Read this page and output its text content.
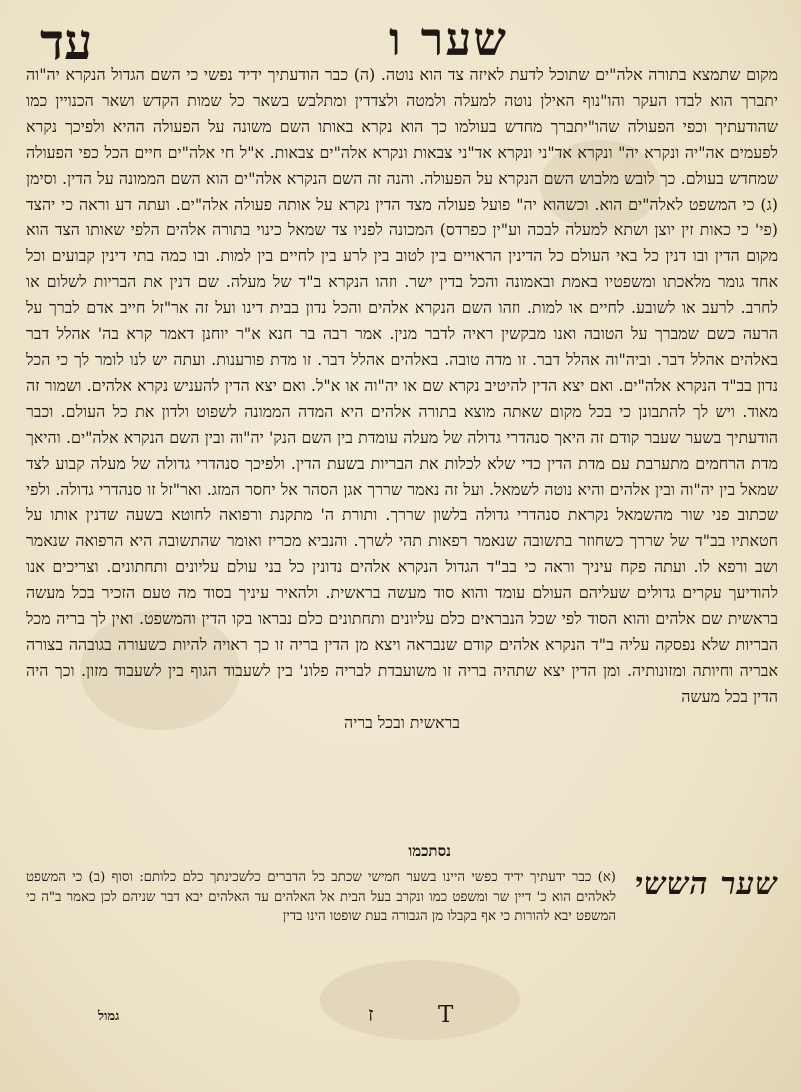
שער ו
עד

מקום שתמצא בתורה אלה"ים שתוכל לדעת לאיזה צד הוא נוטה. (ה) כבר הודעתיך ידיד נפשי כי השם הגדול הנקרא יה"וה יתברך הוא לבדו העקר והו"נוף האילן נוטה למעלה ולמטה ולצדדין ומתלבש בשאר כל שמות הקדש ושאר הכנויין כמו שהודעתיך וכפי הפעולה שהו"יתברך מחדש בעולמו כך הוא נקרא באותו השם משונה על הפעולה ההיא ולפיכך נקרא לפעמים אה"יה ונקרא יה" ונקרא אד"ני ונקרא אד"ני צבאות ונקרא אלה"ים צבאות. א"ל חי אלה"ים חיים הכל כפי הפעולה שמחדש בעולם. כך לובש מלבוש השם הנקרא על הפעולה. והנה זה השם הנקרא אלה"ים הוא השם הממונה על הדין. וסימן (ג) כי המשפט לאלה"ים הוא. וכשהוא יה" פועל פעולה מצד הדין נקרא על אותה פעולה אלה"ים. ועתה דע וראה כי יהצד (פי' כי כאות זין יוצן ושתא למעלה לבכה וע"ין כפרדס) המכונה לפניו צד שמאל כינוי בתורה אלהים הלפי שאותו הצד הוא מקום הדין ובו דנין כל באי העולם כל הדינין הראויים בין לטוב בין לרע בין לחיים בין למות. ובו כמה בתי דינין קבועים וכל אחד גומר מלאכתו ומשפטיו באמת ובאמונה והכל בדין ישר. וזהו הנקרא ב"ד של מעלה. שם דנין את הבריות לשלום או לחרב. לרעב או לשובע. לחיים או למות. וזהו השם הנקרא אלהים והכל נדון בבית דינו ועל זה אר"זל חייב אדם לברך על הרעה כשם שמברך על הטובה ואנו מבקשין ראיה לדבר מנין. אמר רבה בר חנא א"ר יוחנן דאמר קרא בה' אהלל דבר באלהים אהלל דבר. וביה"וה אהלל דבר. זו מדה טובה. באלהים אהלל דבר. זו מדת פורענות. ועתה יש לנו לומר לך כי הכל נדון בב"ד הנקרא אלה"ים. ואם יצא הדין להיטיב נקרא שם או יה"וה או א"ל. ואם יצא הדין להעניש נקרא אלהים. ושמור זה מאוד. ויש לך להתבונן כי בכל מקום שאתה מוצא בתורה אלהים היא המדה הממונה לשפוט ולדון את כל העולם. וכבר הודעתיך בשער שעבר קודם זה היאך סנהדרי גדולה של מעלה עומדת בין השם הנק' יה"וה ובין השם הנקרא אלה"ים. והיאך מדת הרחמים מתערבת עם מדת הדין כדי שלא לכלות את הבריות בשעת הדין. ולפיכך סנהדרי גדולה של מעלה קבוע לצד שמאל בין יה"וה ובין אלהים והיא נוטה לשמאל. ועל זה נאמר שררך אגן הסהר אל יחסר המזג. ואר"זל זו סנהדרי גדולה. ולפי שכתוב פני שור מהשמאל נקראת סנהדרי גדולה בלשון שררך. ותורת ה' מתקנת ורפואה לחוטא בשעה שדנין אותו על חטאתיו בב"ד של שררך כשחוזר בתשובה שנאמר רפאות תהי לשרך. והנביא מכריז ואומר שהתשובה היא הרפואה שנאמר ושב ורפא לו. ועתה פקח עיניך וראה כי בב"ד הגדול הנקרא אלהים נדונין כל בני עולם עליונים ותחתונים. וצריכים אנו להודיעך עקרים גדולים שעליהם העולם עומד והוא סוד מעשה בראשית. ולהאיר עיניך בסוד מה טעם הזכיר בכל מעשה בראשית שם אלהים והוא הסוד לפי שכל הנבראים כלם עליונים ותחתונים כלם נבראו בקו הדין והמשפט. ואין לך בריה מכל הבריות שלא נפסקה עליה ב"ד הנקרא אלהים קודם שנבראה ויצא מן הדין בריה זו כך ראויה להיות כשעורה בגובהה בצורה אבריה וחיותה ומזונותיה. ומן הדין יצא שתהיה בריה זו משועבדת לבריה פלונ' בין לשעבוד הגוף בין לשעבוד מזון. וכך היה הדין בכל מעשה

בראשית ובכל בריה

נסתכמו
שער הששי

(א) כבר ידעתיך ידיד כפשי היינו בשער חמישי שכתב כל הדברים כלשכינתך כלם כלותם: וסוף (ב) כי המשפט לאלהים הוא כ' דיין שר ומשפט כמו ונקרב בעל הבית אל האלהים עד האלהים יבא דבר שניהם לכן כאמר ב"ה כי המשפט יבא להורות כי אף בקבלו מן הגבורה בעת שופטו הינו בדין

T
ז
גמול
